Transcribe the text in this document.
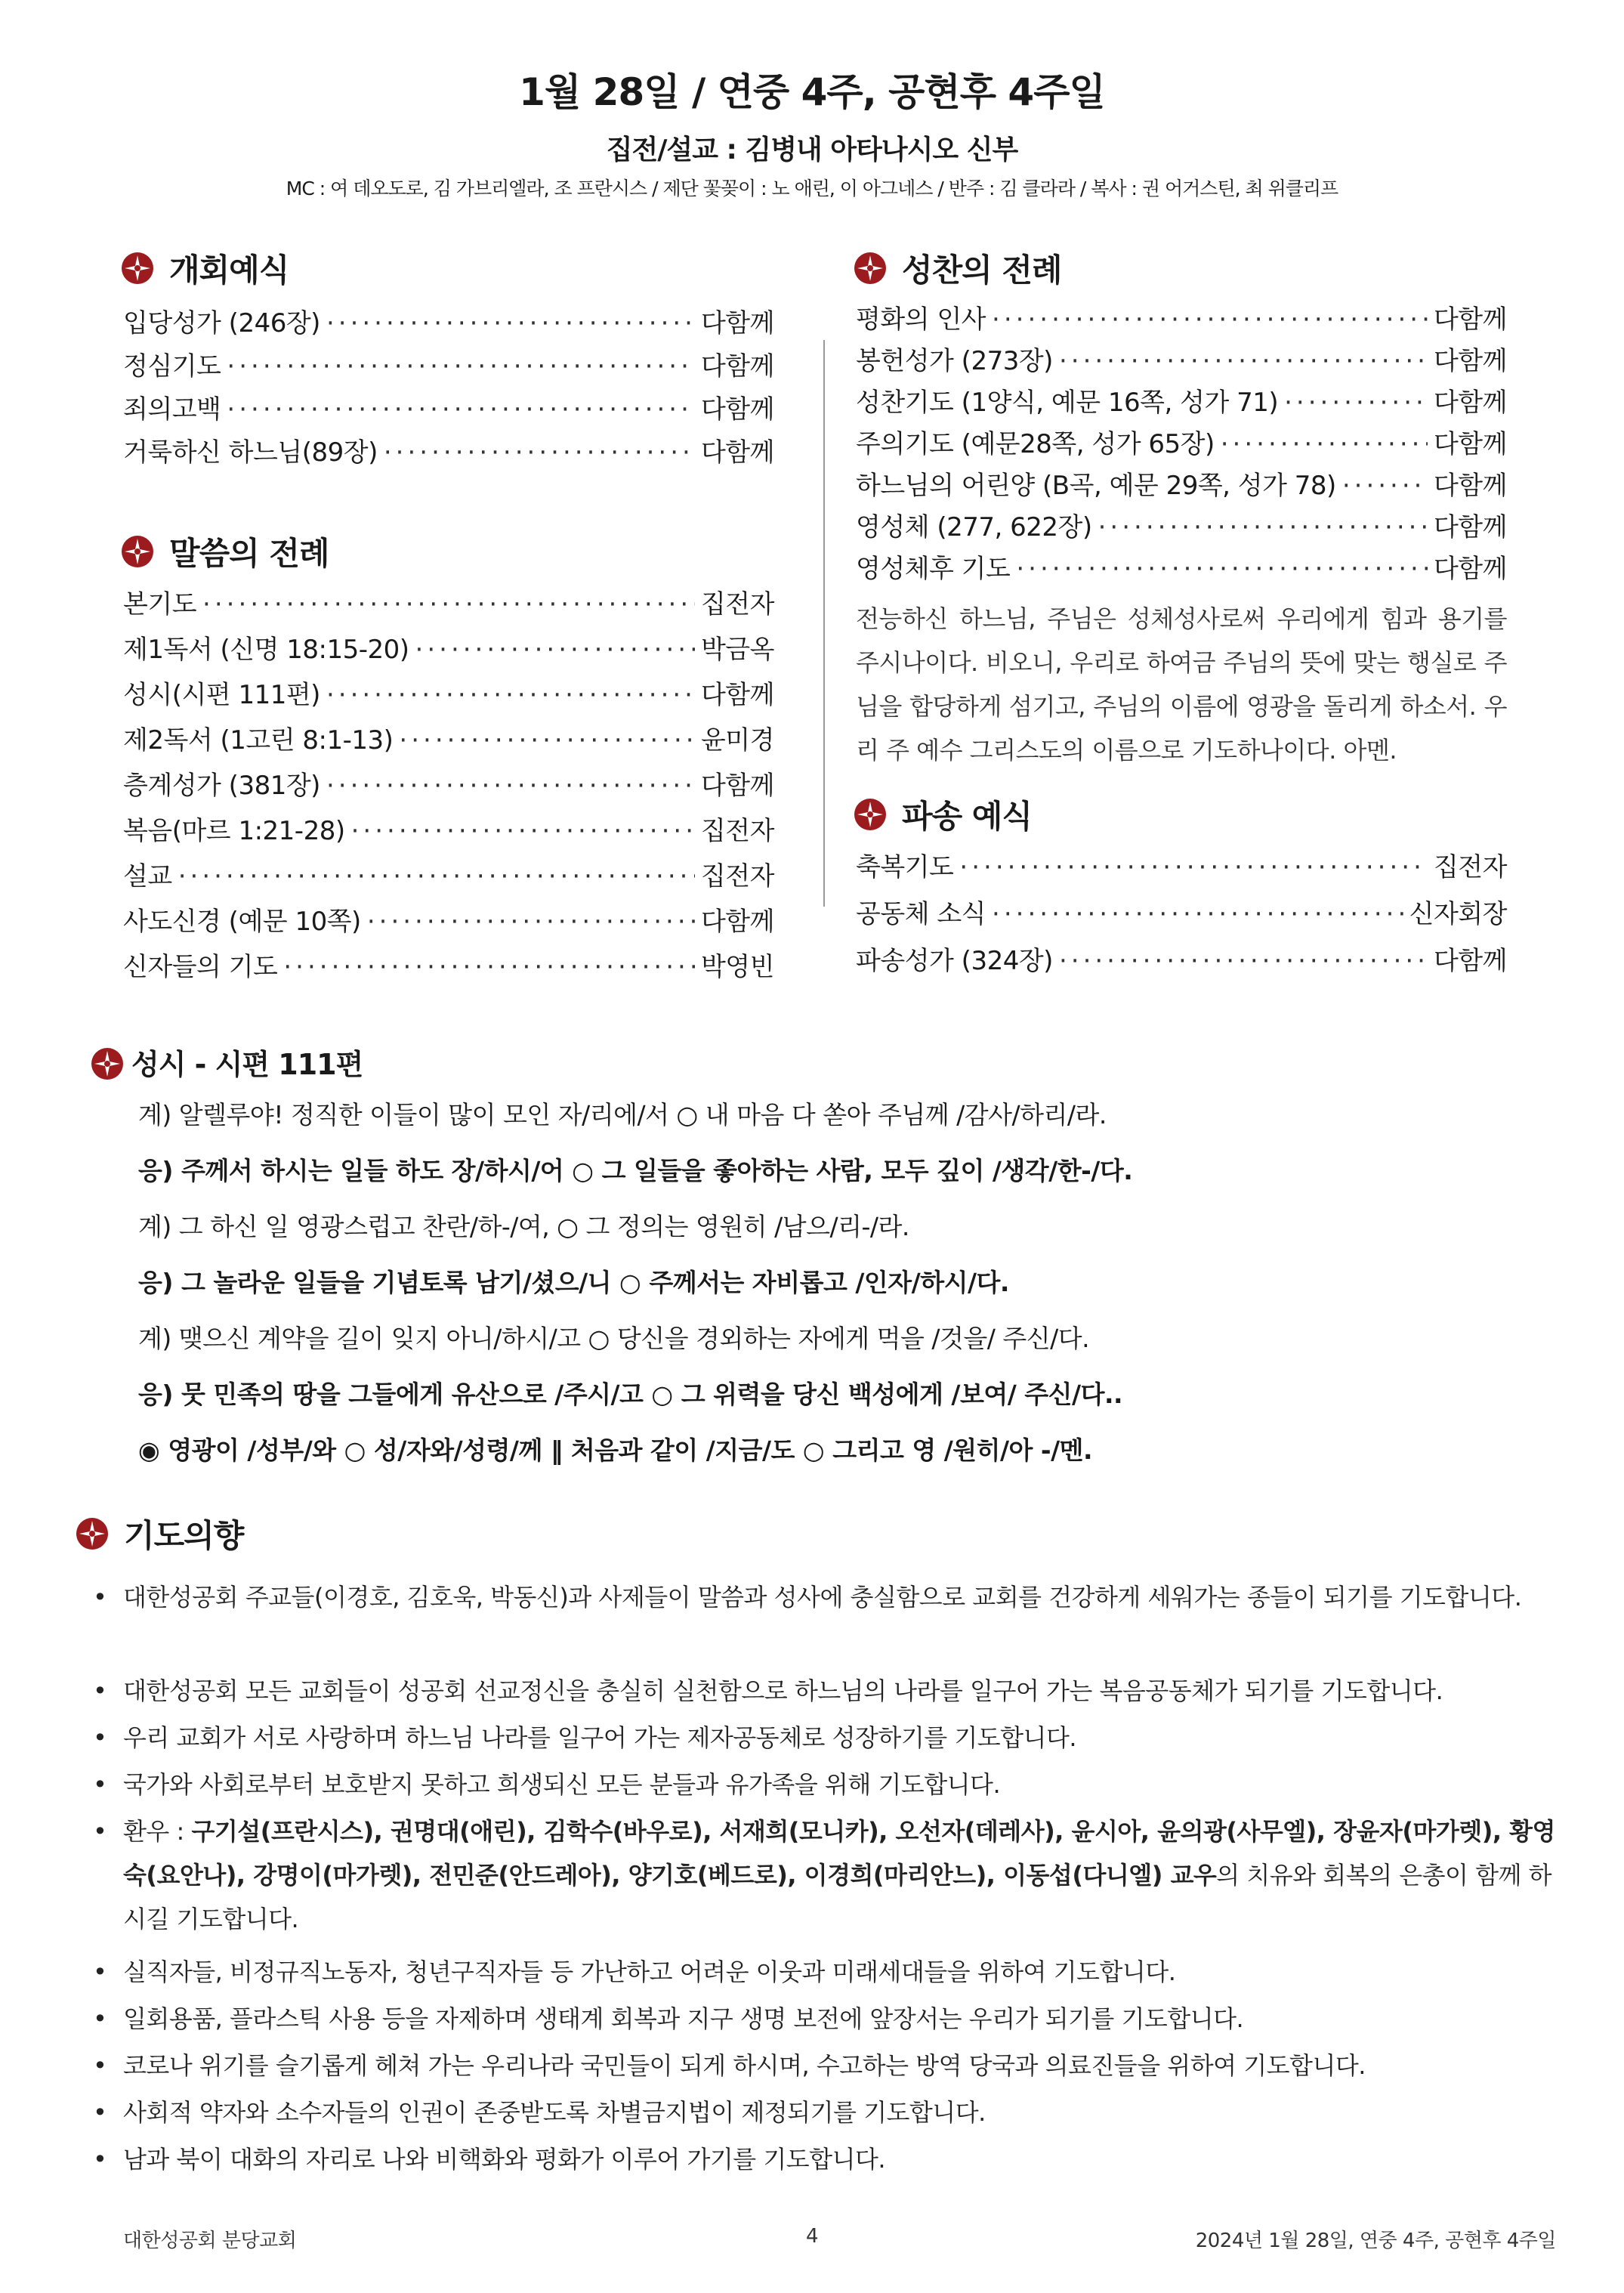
1월 28일 / 연중 4주, 공현후 4주일
집전/설교 : 김병내 아타나시오 신부
MC : 여 데오도로, 김 가브리엘라, 조 프란시스 / 제단 꽃꽂이 : 노 애린, 이 아그네스 / 반주 : 김 클라라 / 복사 : 권 어거스틴, 최 위클리프
개회예식
입당성가 (246장) ·····	다함께
정심기도 ·····	다함께
죄의고백 ·····	다함께
거룩하신 하느님(89장) ·····	다함께
말씀의 전례
본기도 ·····	집전자
제1독서 (신명 18:15-20) ·····	박금옥
성시(시편 111편) ·····	다함께
제2독서 (1고린 8:1-13) ·····	윤미경
층계성가 (381장) ·····	다함께
복음(마르 1:21-28) ·····	집전자
설교 ·····	집전자
사도신경 (예문 10쪽) ·····	다함께
신자들의 기도 ·····	박영빈
성찬의 전례
평화의 인사 ·····	다함께
봉헌성가 (273장) ·····	다함께
성찬기도 (1양식, 예문 16쪽, 성가 71) ·····	다함께
주의기도 (예문28쪽, 성가 65장) ·····	다함께
하느님의 어린양 (B곡, 예문 29쪽, 성가 78) ·····	다함께
영성체 (277, 622장) ·····	다함께
영성체후 기도 ·····	다함께
전능하신 하느님, 주님은 성체성사로써 우리에게 힘과 용기를 주시나이다. 비오니, 우리로 하여금 주님의 뜻에 맞는 행실로 주님을 합당하게 섬기고, 주님의 이름에 영광을 돌리게 하소서. 우리 주 예수 그리스도의 이름으로 기도하나이다. 아멘.
파송 예식
축복기도 ·····	집전자
공동체 소식 ·····	신자회장
파송성가 (324장) ·····	다함께
성시 - 시편 111편
계) 알렐루야! 정직한 이들이 많이 모인 자/리에/서 ○ 내 마음 다 쏟아 주님께 /감사/하리/라.
응) 주께서 하시는 일들 하도 장/하시/어 ○ 그 일들을 좋아하는 사람, 모두 깊이 /생각/한-/다.
계) 그 하신 일 영광스럽고 찬란/하-/여, ○ 그 정의는 영원히 /남으/리-/라.
응) 그 놀라운 일들을 기념토록 남기/셨으/니 ○ 주께서는 자비롭고 /인자/하시/다.
계) 맺으신 계약을 길이 잊지 아니/하시/고 ○ 당신을 경외하는 자에게 먹을 /것을/ 주신/다.
응) 뭇 민족의 땅을 그들에게 유산으로 /주시/고 ○ 그 위력을 당신 백성에게 /보여/ 주신/다..
◉ 영광이 /성부/와 ○ 성/자와/성령/께 ‖ 처음과 같이 /지금/도 ○ 그리고 영 /원히/아 -/멘.
기도의향
• 대한성공회 주교들(이경호, 김호욱, 박동신)과 사제들이 말씀과 성사에 충실함으로 교회를 건강하게 세워가는 종들이 되기를 기도합니다.
• 대한성공회 모든 교회들이 성공회 선교정신을 충실히 실천함으로 하느님의 나라를 일구어 가는 복음공동체가 되기를 기도합니다.
• 우리 교회가 서로 사랑하며 하느님 나라를 일구어 가는 제자공동체로 성장하기를 기도합니다.
• 국가와 사회로부터 보호받지 못하고 희생되신 모든 분들과 유가족을 위해 기도합니다.
• 환우 : 구기설(프란시스), 권명대(애린), 김학수(바우로), 서재희(모니카), 오선자(데레사), 윤시아, 윤의광(사무엘), 장윤자(마가렛), 황영숙(요안나), 강명이(마가렛), 전민준(안드레아), 양기호(베드로), 이경희(마리안느), 이동섭(다니엘) 교우의 치유와 회복의 은총이 함께 하시길 기도합니다.
• 실직자들, 비정규직노동자, 청년구직자들 등 가난하고 어려운 이웃과 미래세대들을 위하여 기도합니다.
• 일회용품, 플라스틱 사용 등을 자제하며 생태계 회복과 지구 생명 보전에 앞장서는 우리가 되기를 기도합니다.
• 코로나 위기를 슬기롭게 헤쳐 가는 우리나라 국민들이 되게 하시며, 수고하는 방역 당국과 의료진들을 위하여 기도합니다.
• 사회적 약자와 소수자들의 인권이 존중받도록 차별금지법이 제정되기를 기도합니다.
• 남과 북이 대화의 자리로 나와 비핵화와 평화가 이루어 가기를 기도합니다.
대한성공회 분당교회	4	2024년 1월 28일, 연중 4주, 공현후 4주일
